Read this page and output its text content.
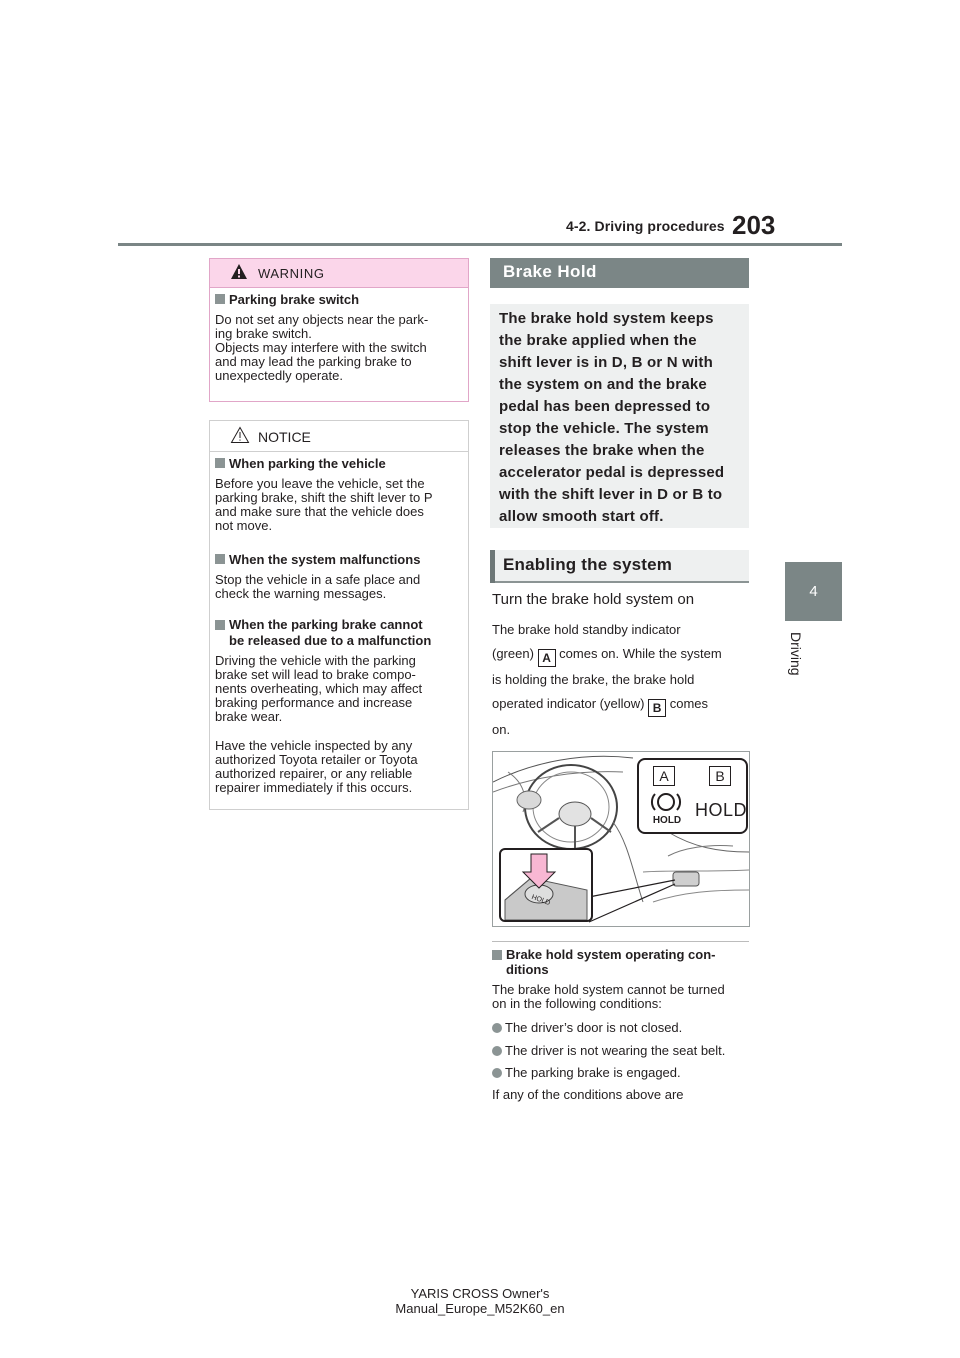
4-2. Driving procedures 203
4
Driving
WARNING
Parking brake switch
Do not set any objects near the park-
ing brake switch.
Objects may interfere with the switch
and may lead the parking brake to
unexpectedly operate.
NOTICE
When parking the vehicle
Before you leave the vehicle, set the
parking brake, shift the shift lever to P
and make sure that the vehicle does
not move.
When the system malfunctions
Stop the vehicle in a safe place and
check the warning messages.
When the parking brake cannot
be released due to a malfunction
Driving the vehicle with the parking
brake set will lead to brake compo-
nents overheating, which may affect
braking performance and increase
brake wear.
Have the vehicle inspected by any
authorized Toyota retailer or Toyota
authorized repairer, or any reliable
repairer immediately if this occurs.
Brake Hold
The brake hold system keeps
the brake applied when the
shift lever is in D, B or N with
the system on and the brake
pedal has been depressed to
stop the vehicle. The system
releases the brake when the
accelerator pedal is depressed
with the shift lever in D or B to
allow smooth start off.
Enabling the system
Turn the brake hold system on
The brake hold standby indicator
(green) A comes on. While the system
is holding the brake, the brake hold
operated indicator (yellow) B comes
on.
A	B
HOLD
HOLD
HOLD
Brake hold system operating con-
ditions
The brake hold system cannot be turned
on in the following conditions:
The driver’s door is not closed.
The driver is not wearing the seat belt.
The parking brake is engaged.
If any of the conditions above are
YARIS CROSS Owner's Manual_Europe_M52K60_en
